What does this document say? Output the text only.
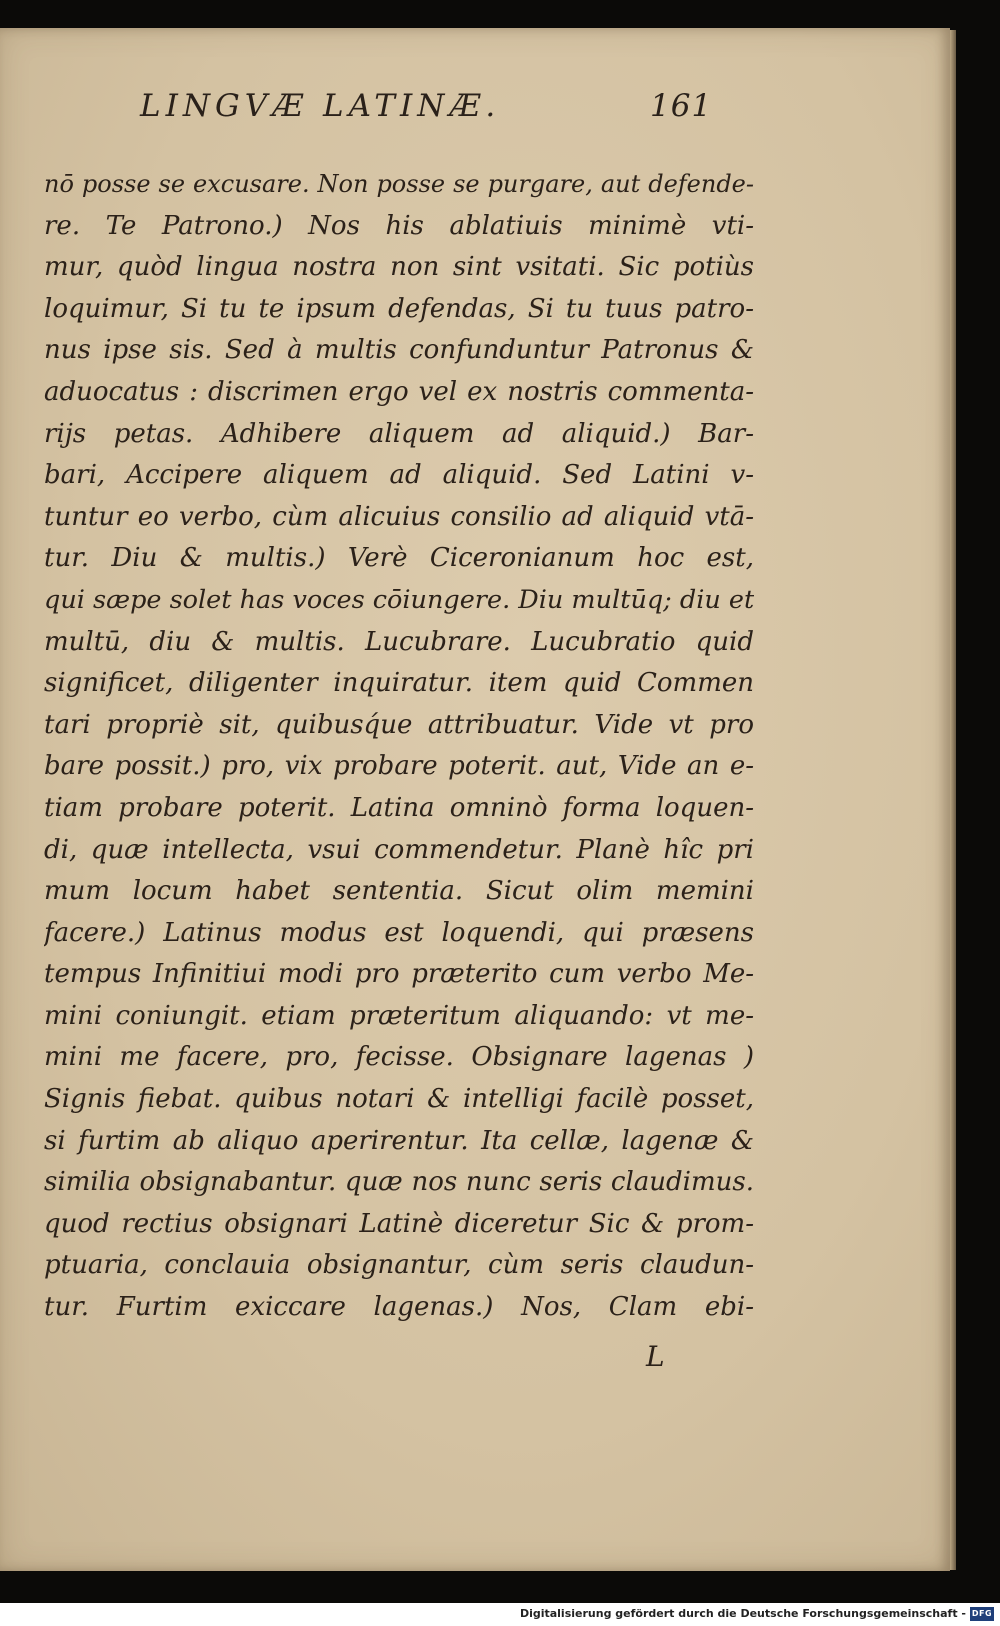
LINGVÆ LATINÆ.	161
nō posse se excusare. Non posse se purgare, aut defende-
re. Te Patrono.) Nos his ablatiuis minimè vti-
mur, quòd lingua nostra non sint vsitati. Sic potiùs
loquimur, Si tu te ipsum defendas, Si tu tuus patro-
nus ipse sis. Sed à multis confunduntur Patronus &
aduocatus : discrimen ergo vel ex nostris commenta-
rijs petas. Adhibere aliquem ad aliquid.) Bar-
bari, Accipere aliquem ad aliquid. Sed Latini v-
tuntur eo verbo, cùm alicuius consilio ad aliquid vtā-
tur. Diu & multis.) Verè Ciceronianum hoc est,
qui sæpe solet has voces cōiungere. Diu multūq; diu et
multū, diu & multis. Lucubrare. Lucubratio quid
significet, diligenter inquiratur. item quid Commen
tari propriè sit, quibusq́ue attribuatur. Vide vt pro
bare possit.) pro, vix probare poterit. aut, Vide an e-
tiam probare poterit. Latina omninò forma loquen-
di, quæ intellecta, vsui commendetur. Planè hîc pri
mum locum habet sententia. Sicut olim memini
facere.) Latinus modus est loquendi, qui præsens
tempus Infinitiui modi pro præterito cum verbo Me-
mini coniungit. etiam præteritum aliquando: vt me-
mini me facere, pro, fecisse. Obsignare lagenas )
Signis fiebat. quibus notari & intelligi facilè posset,
si furtim ab aliquo aperirentur. Ita cellæ, lagenæ &
similia obsignabantur. quæ nos nunc seris claudimus.
quod rectius obsignari Latinè diceretur Sic & prom-
ptuaria, conclauia obsignantur, cùm seris claudun-
tur. Furtim exiccare lagenas.) Nos, Clam ebi-
L
Digitalisierung gefördert durch die Deutsche Forschungsgemeinschaft - DFG
